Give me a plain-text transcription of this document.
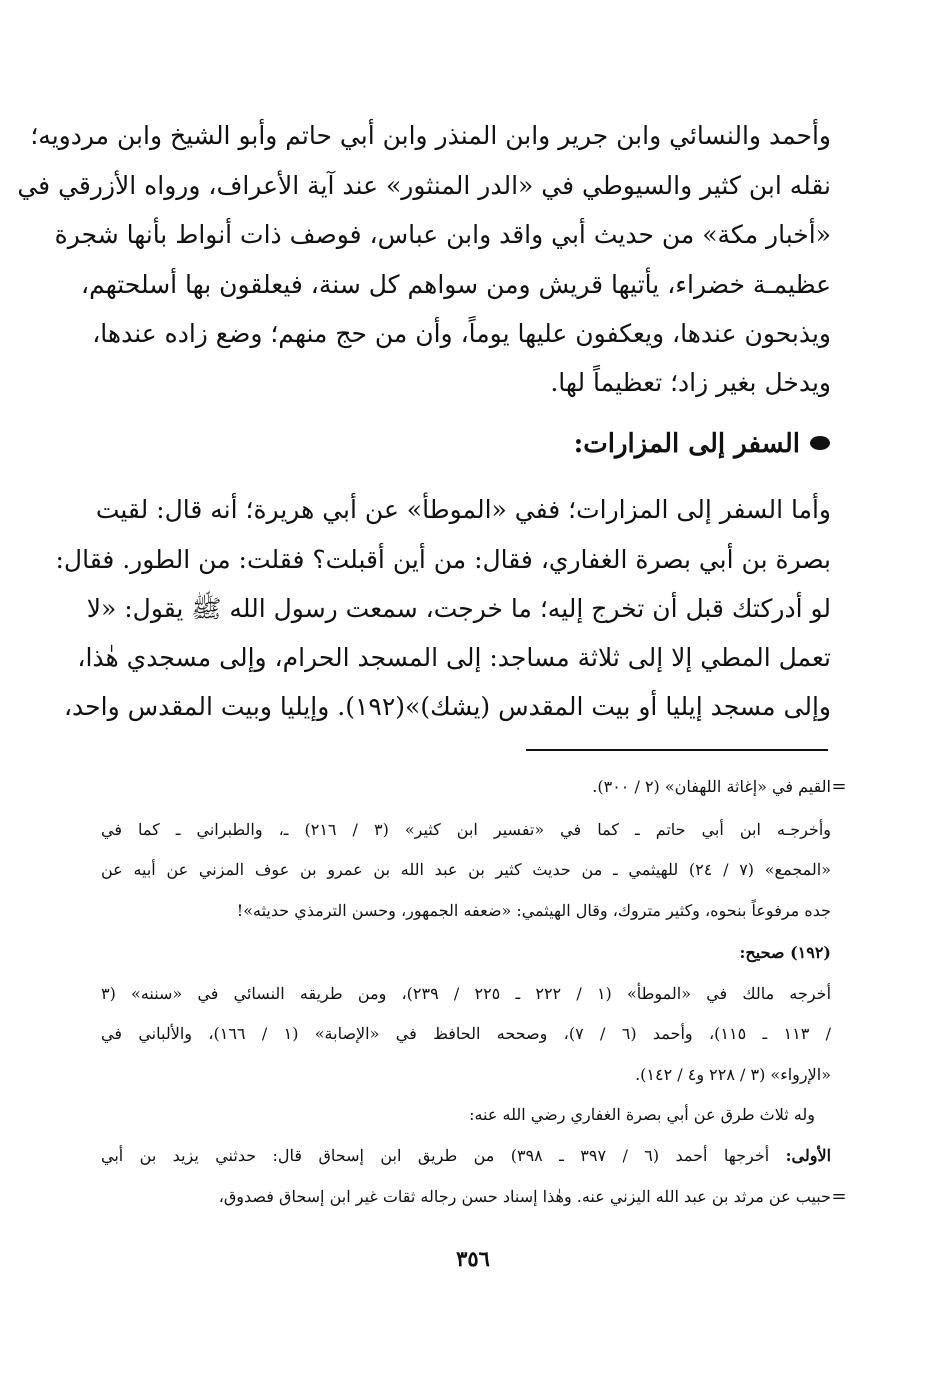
وأحمد والنسائي وابن جرير وابن المنذر وابن أبي حاتم وأبو الشيخ وابن مردويه؛
نقله ابن كثير والسيوطي في «الدر المنثور» عند آية الأعراف، ورواه الأزرقي في
«أخبار مكة» من حديث أبي واقد وابن عباس، فوصف ذات أنواط بأنها شجرة
عظيمـة خضراء، يأتيها قريش ومن سواهم كل سنة، فيعلقون بها أسلحتهم،
ويذبحون عندها، ويعكفون عليها يوماً، وأن من حج منهم؛ وضع زاده عندها،
ويدخل بغير زاد؛ تعظيماً لها.
السفر إلى المزارات:
وأما السفر إلى المزارات؛ ففي «الموطأ» عن أبي هريرة؛ أنه قال: لقيت
بصرة بن أبي بصرة الغفاري، فقال: من أين أقبلت؟ فقلت: من الطور. فقال:
لو أدركتك قبل أن تخرج إليه؛ ما خرجت، سمعت رسول الله ﷺ يقول: «لا
تعمل المطي إلا إلى ثلاثة مساجد: إلى المسجد الحرام، وإلى مسجدي هٰذا،
وإلى مسجد إيليا أو بيت المقدس (يشك)»(١٩٢). وإيليا وبيت المقدس واحد،
=
القيم في «إغاثة اللهفان» (٢ / ٣٠٠).
وأخرجـه ابن أبي حاتم ـ كما في «تفسير ابن كثير» (٣ / ٢١٦) ـ، والطبراني ـ كما في
«المجمع» (٧ / ٢٤) للهيثمي ـ من حديث كثير بن عبد الله بن عمرو بن عوف المزني عن أبيه عن
جده مرفوعاً بنحوه، وكثير متروك، وقال الهيثمي: «ضعفه الجمهور، وحسن الترمذي حديثه»!
(١٩٢) صحيح:
أخرجه مالك في «الموطأ» (١ / ٢٢٢ ـ ٢٢٥ / ٢٣٩)، ومن طريقه النسائي في «سننه» (٣
/ ١١٣ ـ ١١٥)، وأحمد (٦ / ٧)، وصححه الحافظ في «الإصابة» (١ / ١٦٦)، والألباني في
«الإرواء» (٣ / ٢٢٨ و٤ / ١٤٢).
وله ثلاث طرق عن أبي بصرة الغفاري رضي الله عنه:
الأولى: أخرجها أحمد (٦ / ٣٩٧ ـ ٣٩٨) من طريق ابن إسحاق قال: حدثني يزيد بن أبي
حبيب عن مرثد بن عبد الله اليزني عنه. وهٰذا إسناد حسن رجاله ثقات غير ابن إسحاق فصدوق، =
٣٥٦
